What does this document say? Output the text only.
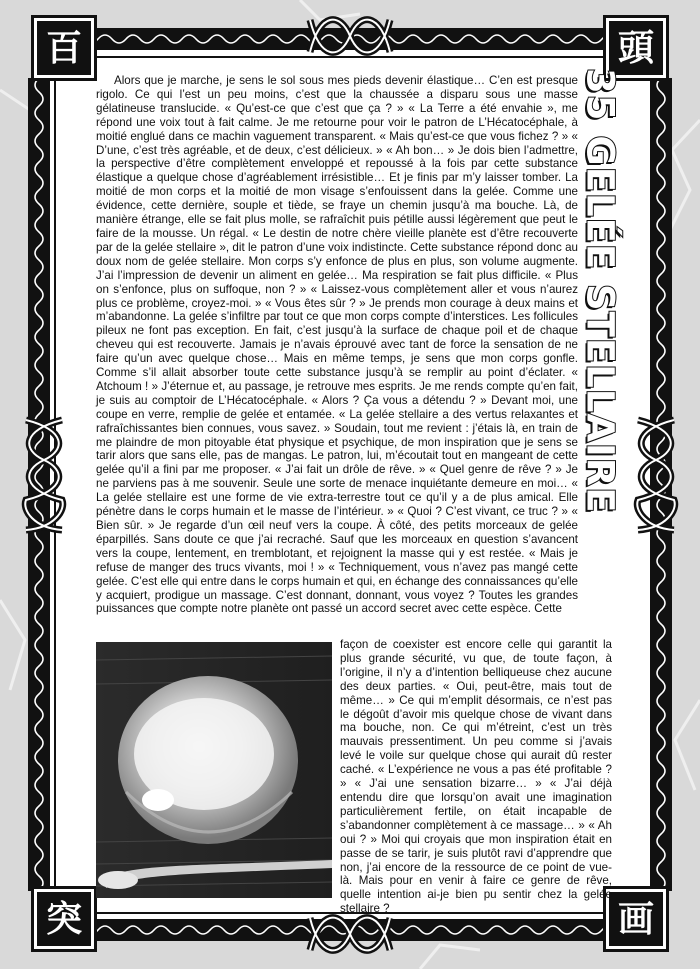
百	頭
突	画
35 GELÉE STELLAIRE

Alors que je marche, je sens le sol sous mes pieds devenir élastique… C’en est presque rigolo. Ce qui l’est un peu moins, c’est que la chaussée a disparu sous une masse gélatineuse translucide. « Qu’est-ce que c’est que ça ? » « La Terre a été envahie », me répond une voix tout à fait calme. Je me retourne pour voir le patron de L’Hécatocéphale, à moitié englué dans ce machin vaguement transparent. « Mais qu’est-ce que vous fichez ? » « D’une, c’est très agréable, et de deux, c’est délicieux. » « Ah bon… » Je dois bien l’admettre, la perspective d’être complètement enveloppé et repoussé à la fois par cette substance élastique a quelque chose d’agréablement irrésistible… Et je finis par m’y laisser tomber. La moitié de mon corps et la moitié de mon visage s’enfouissent dans la gelée. Comme une évidence, cette dernière, souple et tiède, se fraye un chemin jusqu’à ma bouche. Là, de manière étrange, elle se fait plus molle, se rafraîchit puis pétille aussi légèrement que peut le faire de la mousse. Un régal. « Le destin de notre chère vieille planète est d’être recouverte par de la gelée stellaire », dit le patron d’une voix indistincte. Cette substance répond donc au doux nom de gelée stellaire. Mon corps s’y enfonce de plus en plus, son volume augmente. J’ai l’impression de devenir un aliment en gelée… Ma respiration se fait plus difficile. « Plus on s’enfonce, plus on suffoque, non ? » « Laissez-vous complètement aller et vous n’aurez plus ce problème, croyez-moi. » « Vous êtes sûr ? » Je prends mon courage à deux mains et m’abandonne. La gelée s’infiltre par tout ce que mon corps compte d’interstices. Les follicules pileux ne font pas exception. En fait, c’est jusqu’à la surface de chaque poil et de chaque cheveu qui est recouverte. Jamais je n’avais éprouvé avec tant de force la sensation de ne faire qu’un avec quelque chose… Mais en même temps, je sens que mon corps gonfle. Comme s’il allait absorber toute cette substance jusqu’à se remplir au point d’éclater. « Atchoum ! » J’éternue et, au passage, je retrouve mes esprits. Je me rends compte qu’en fait, je suis au comptoir de L’Hécatocéphale. « Alors ? Ça vous a détendu ? » Devant moi, une coupe en verre, remplie de gelée et entamée. « La gelée stellaire a des vertus relaxantes et rafraîchissantes bien connues, vous savez. » Soudain, tout me revient : j’étais là, en train de me plaindre de mon pitoyable état physique et psychique, de mon inspiration que je sens se tarir alors que sans elle, pas de mangas. Le patron, lui, m’écoutait tout en mangeant de cette gelée qu’il a fini par me proposer. « J’ai fait un drôle de rêve. » « Quel genre de rêve ? » Je ne parviens pas à me souvenir. Seule une sorte de menace inquiétante demeure en moi… « La gelée stellaire est une forme de vie extra-terrestre tout ce qu’il y a de plus amical. Elle pénètre dans le corps humain et le masse de l’intérieur. » « Quoi ? C’est vivant, ce truc ? » « Bien sûr. » Je regarde d’un œil neuf vers la coupe. À côté, des petits morceaux de gelée éparpillés. Sans doute ce que j’ai recraché. Sauf que les morceaux en question s’avancent vers la coupe, lentement, en tremblotant, et rejoignent la masse qui y est restée. « Mais je refuse de manger des trucs vivants, moi ! » « Techniquement, vous n’avez pas mangé cette gelée. C’est elle qui entre dans le corps humain et qui, en échange des connaissances qu’elle y acquiert, prodigue un massage. C’est donnant, donnant, vous voyez ? Toutes les grandes puissances que compte notre planète ont passé un accord secret avec cette espèce. Cette

façon de coexister est encore celle qui garantit la plus grande sécurité, vu que, de toute façon, à l’origine, il n’y a d’intention belliqueuse chez aucune des deux parties. « Oui, peut-être, mais tout de même… » Ce qui m’emplit désormais, ce n’est pas le dégoût d’avoir mis quelque chose de vivant dans ma bouche, non. Ce qui m’étreint, c’est un très mauvais pressentiment. Un peu comme si j’avais levé le voile sur quelque chose qui aurait dû rester caché. « L’expérience ne vous a pas été profitable ? » « J’ai une sensation bizarre… » « J’ai déjà entendu dire que lorsqu’on avait une imagination particulièrement fertile, on était incapable de s’abandonner complètement à ce massage… » « Ah oui ? » Moi qui croyais que mon inspiration était en passe de se tarir, je suis plutôt ravi d’apprendre que non, j’ai encore de la ressource de ce point de vue-là. Mais pour en venir à faire ce genre de rêve, quelle intention ai-je bien pu sentir chez la gelée stellaire ?
